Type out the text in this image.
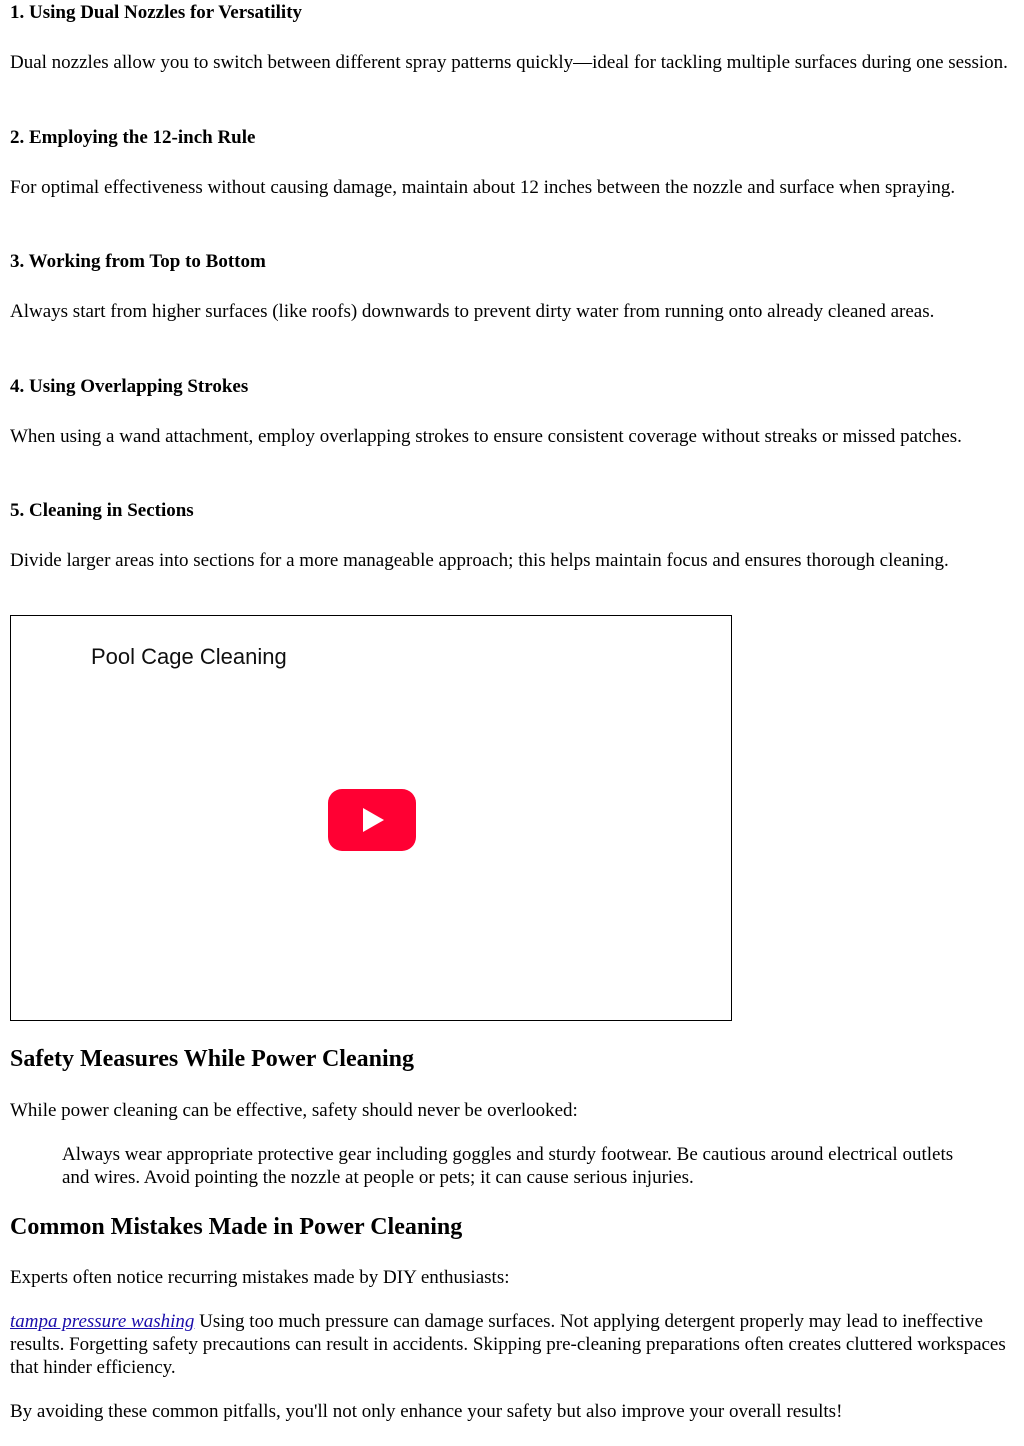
1. Using Dual Nozzles for Versatility

Dual nozzles allow you to switch between different spray patterns quickly—ideal for tackling multiple surfaces during one session.

2. Employing the 12-inch Rule

For optimal effectiveness without causing damage, maintain about 12 inches between the nozzle and surface when spraying.

3. Working from Top to Bottom

Always start from higher surfaces (like roofs) downwards to prevent dirty water from running onto already cleaned areas.

4. Using Overlapping Strokes

When using a wand attachment, employ overlapping strokes to ensure consistent coverage without streaks or missed patches.

5. Cleaning in Sections

Divide larger areas into sections for a more manageable approach; this helps maintain focus and ensures thorough cleaning.

Pool Cage Cleaning
Safety Measures While Power Cleaning

While power cleaning can be effective, safety should never be overlooked:

Always wear appropriate protective gear including goggles and sturdy footwear. Be cautious around electrical outlets and wires. Avoid pointing the nozzle at people or pets; it can cause serious injuries.

Common Mistakes Made in Power Cleaning

Experts often notice recurring mistakes made by DIY enthusiasts:

tampa pressure washing Using too much pressure can damage surfaces. Not applying detergent properly may lead to ineffective results. Forgetting safety precautions can result in accidents. Skipping pre-cleaning preparations often creates cluttered workspaces that hinder efficiency.

By avoiding these common pitfalls, you'll not only enhance your safety but also improve your overall results!
